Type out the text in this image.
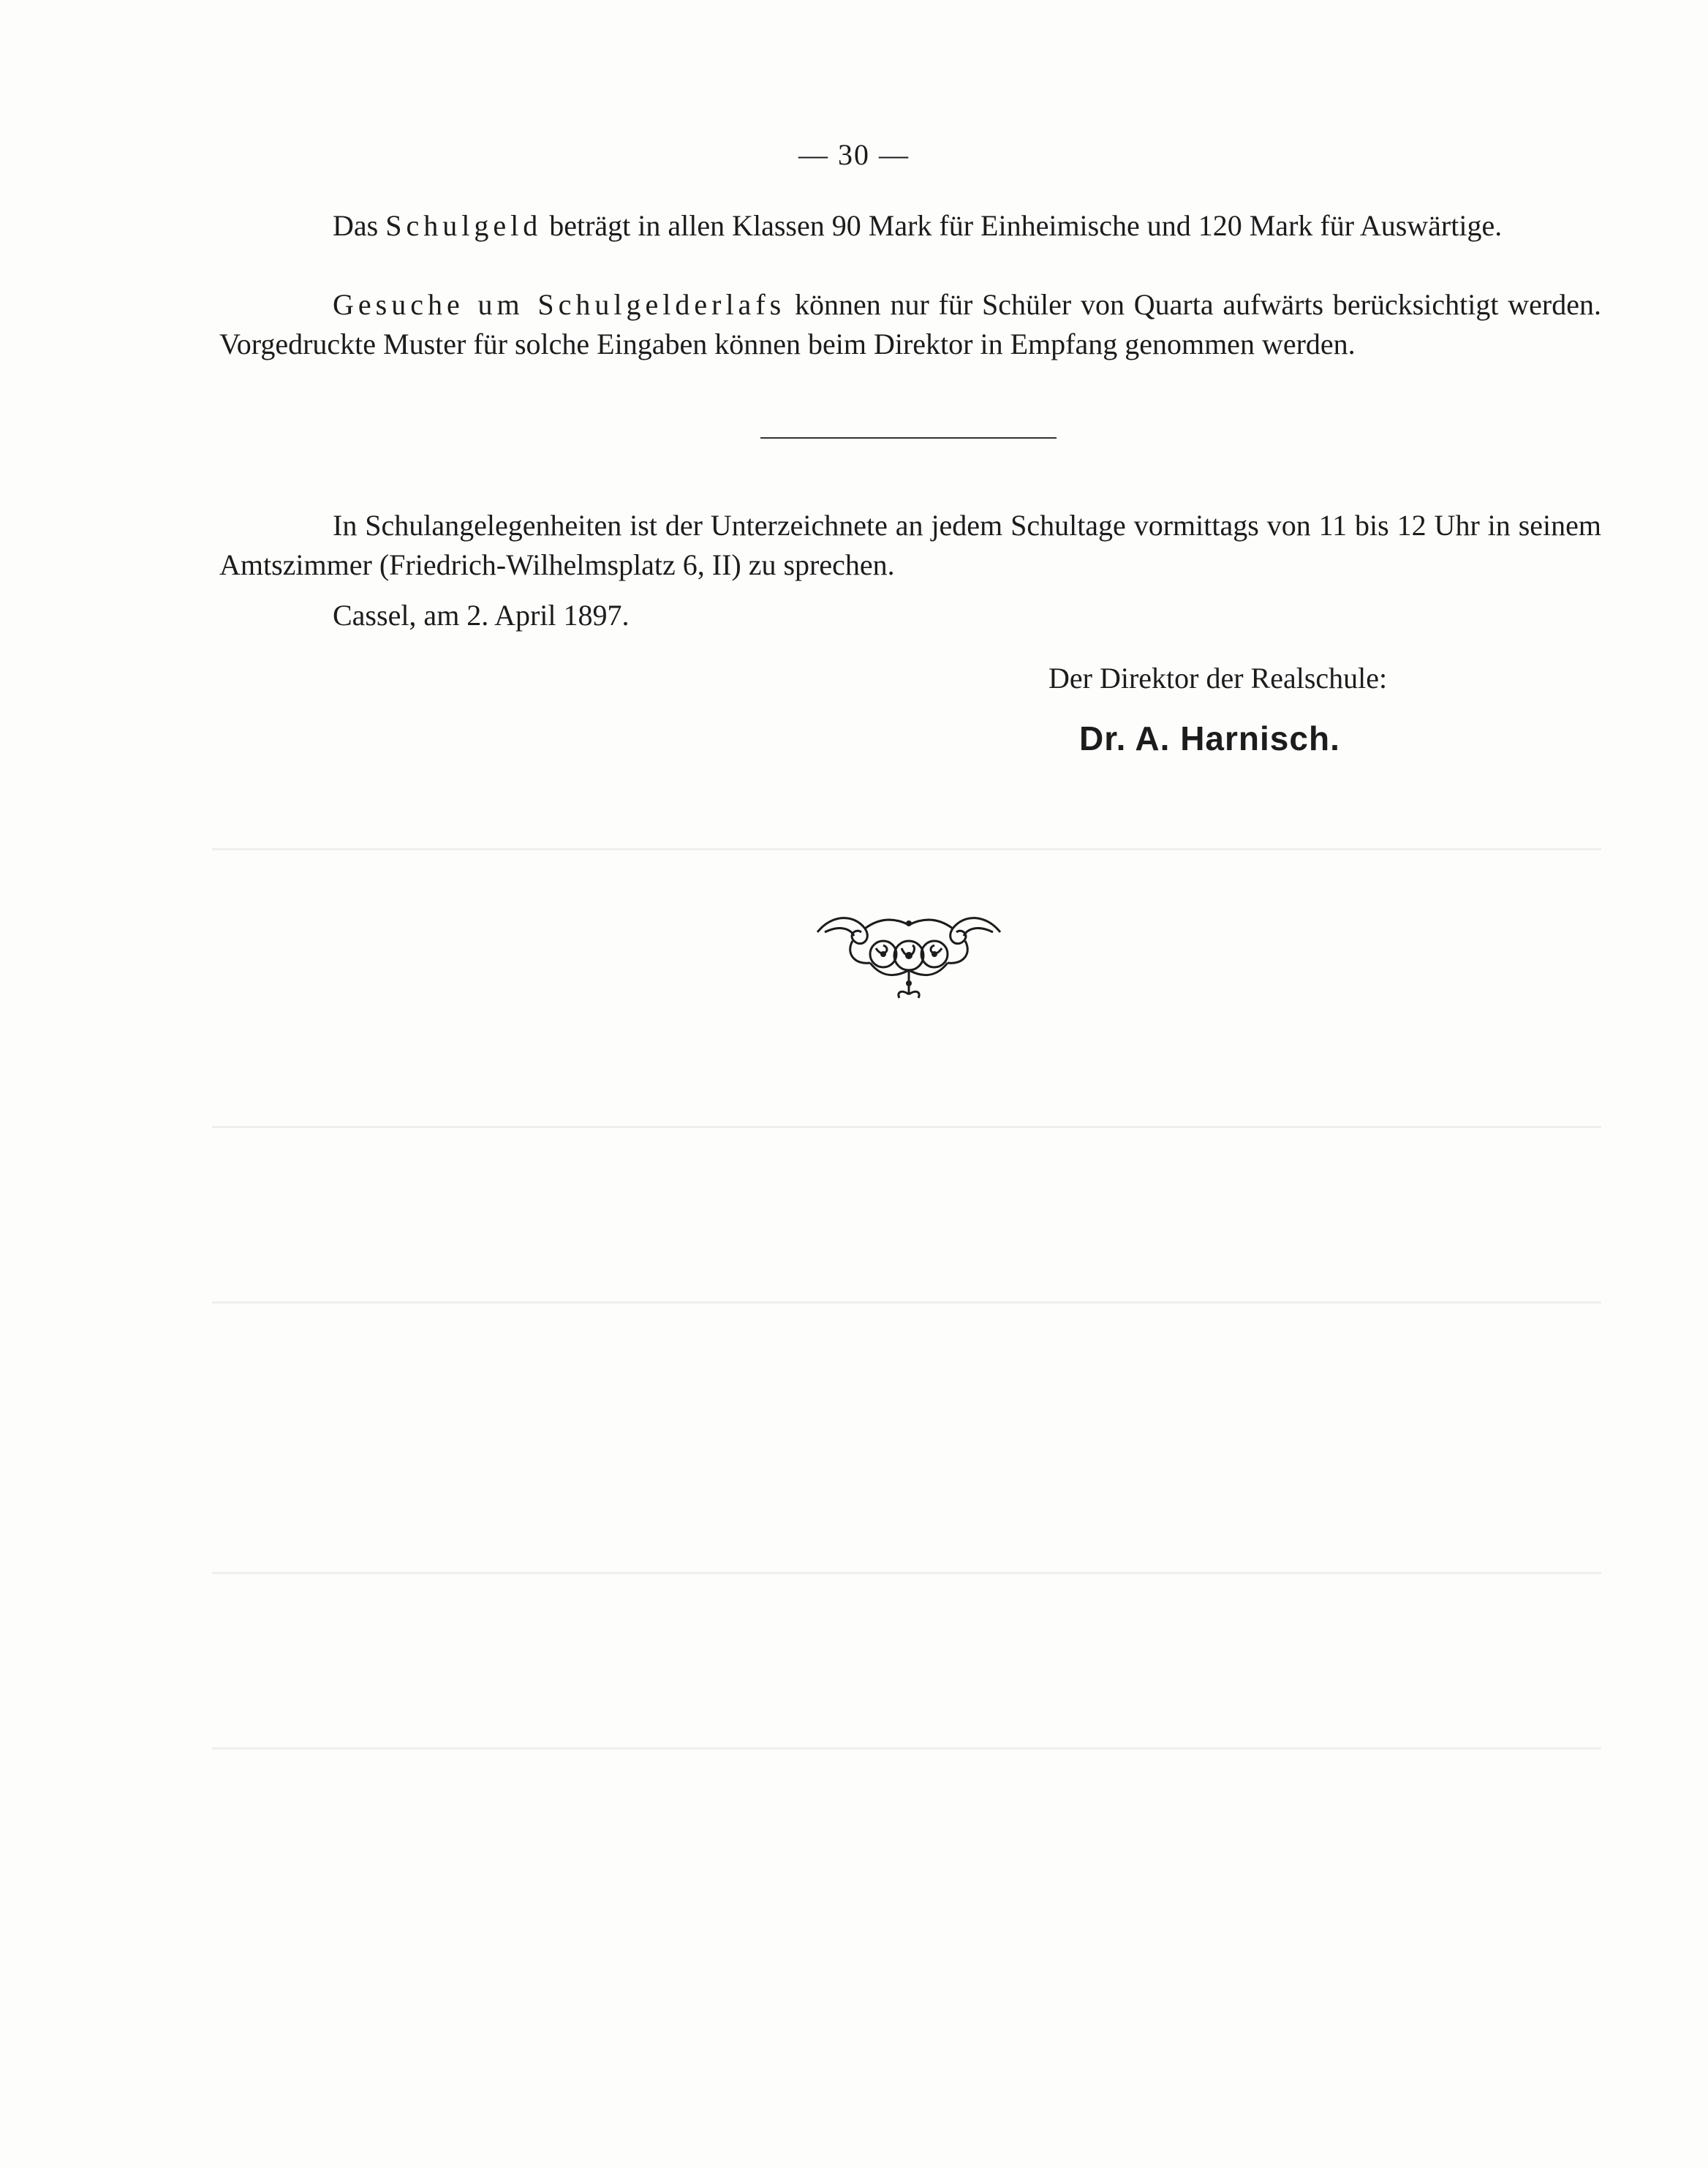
— 30 —

Das Schulgeld beträgt in allen Klassen 90 Mark für Einheimische und 120 Mark für Auswärtige.

Gesuche um Schulgelderlafs können nur für Schüler von Quarta aufwärts berücksichtigt werden. Vorgedruckte Muster für solche Eingaben können beim Direktor in Empfang genommen werden.

In Schulangelegenheiten ist der Unterzeichnete an jedem Schultage vormittags von 11 bis 12 Uhr in seinem Amtszimmer (Friedrich-Wilhelmsplatz 6, II) zu sprechen.

Cassel, am 2. April 1897.
Der Direktor der Realschule:
Dr. A. Harnisch.
